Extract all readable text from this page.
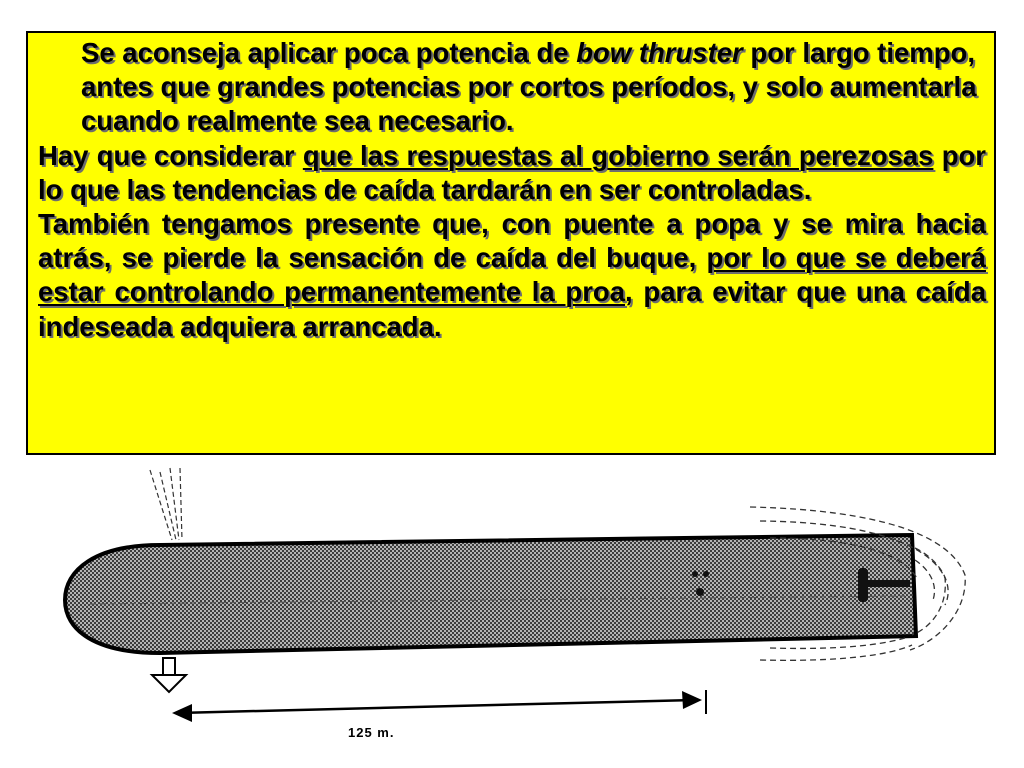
Se aconseja aplicar poca potencia de bow thruster por largo tiempo, antes que grandes potencias por cortos períodos, y solo aumentarla cuando realmente sea necesario.
Hay que considerar que las respuestas al gobierno serán perezosas por lo que las tendencias de caída tardarán en ser controladas.
También tengamos presente que, con puente a popa y se mira hacia atrás, se pierde la sensación de caída del buque, por lo que se deberá estar controlando permanentemente la proa, para evitar que una caída indeseada adquiera arrancada.
125 m.
